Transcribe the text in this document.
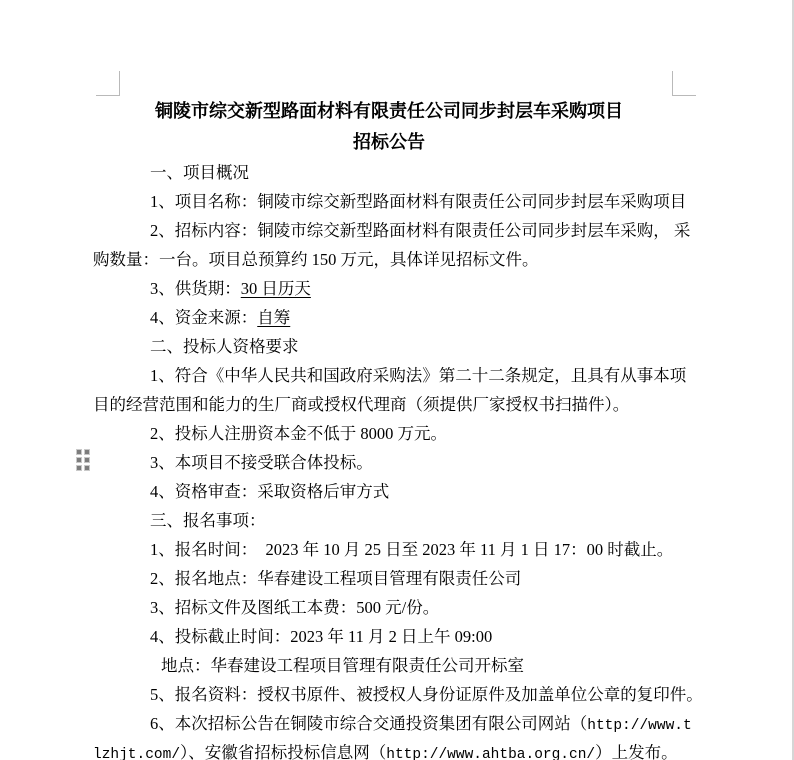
铜陵市综交新型路面材料有限责任公司同步封层车采购项目
招标公告
一、项目概况
1、项目名称：铜陵市综交新型路面材料有限责任公司同步封层车采购项目
2、招标内容：铜陵市综交新型路面材料有限责任公司同步封层车采购， 采
购数量：一台。项目总预算约 150 万元，具体详见招标文件。
3、供货期：30 日历天
4、资金来源：自筹
二、投标人资格要求
1、符合《中华人民共和国政府采购法》第二十二条规定，且具有从事本项
目的经营范围和能力的生厂商或授权代理商（须提供厂家授权书扫描件）。
2、投标人注册资本金不低于 8000 万元。
3、本项目不接受联合体投标。
4、资格审查：采取资格后审方式
三、报名事项：
1、报名时间：  2023 年 10 月 25 日至 2023 年 11 月 1 日 17：00 时截止。
2、报名地点：华春建设工程项目管理有限责任公司
3、招标文件及图纸工本费：500 元/份。
4、投标截止时间：2023 年 11 月 2 日上午 09:00
地点：华春建设工程项目管理有限责任公司开标室
5、报名资料：授权书原件、被授权人身份证原件及加盖单位公章的复印件。
6、本次招标公告在铜陵市综合交通投资集团有限公司网站（http://www.t
lzhjt.com/）、安徽省招标投标信息网（http://www.ahtba.org.cn/）上发布。
